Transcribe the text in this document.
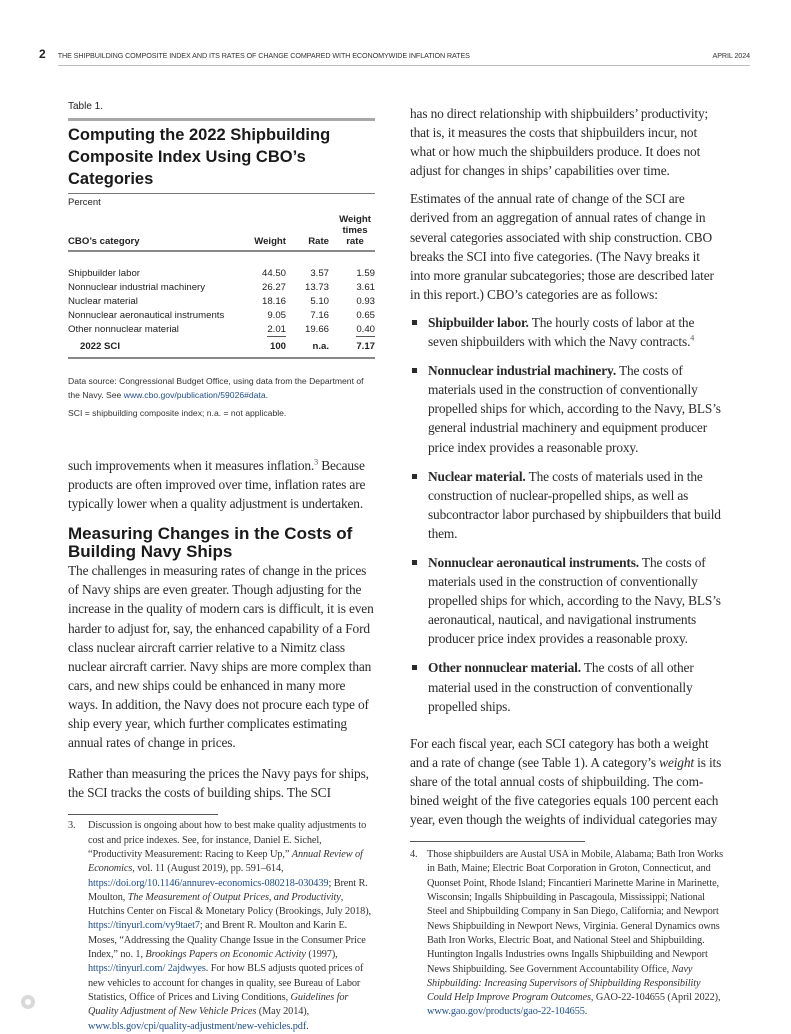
2 THE SHIPBUILDING COMPOSITE INDEX AND ITS RATES OF CHANGE COMPARED WITH ECONOMYWIDE INFLATION RATES	APRIL 2024
Table 1.
Computing the 2022 Shipbuilding Composite Index Using CBO’s Categories
Percent
CBO’s category	Weight	Rate	Weight times rate

Shipbuilder labor	44.50	3.57	1.59
Nonnuclear industrial machinery	26.27	13.73	3.61
Nuclear material	18.16	5.10	0.93
Nonnuclear aeronautical instruments	9.05	7.16	0.65
Other nonnuclear material	2.01	19.66	0.40
2022 SCI	100	n.a.	7.17
Data source: Congressional Budget Office, using data from the Department of the Navy. See www.cbo.gov/publication/59026#data.
SCI = shipbuilding composite index; n.a. = not applicable.

such improvements when it measures inflation.$^3$ Because products are often improved over time, inflation rates are typically lower when a quality adjustment is undertaken.

Measuring Changes in the Costs of Building Navy Ships

The challenges in measuring rates of change in the prices of Navy ships are even greater. Though adjusting for the increase in the quality of modern cars is difficult, it is even harder to adjust for, say, the enhanced capability of a Ford class nuclear aircraft carrier relative to a Nimitz class nuclear aircraft carrier. Navy ships are more complex than cars, and new ships could be enhanced in many more ways. In addition, the Navy does not procure each type of ship every year, which further complicates estimating annual rates of change in prices.

Rather than measuring the prices the Navy pays for ships, the SCI tracks the costs of building ships. The SCI

3.	Discussion is ongoing about how to best make quality adjustments to cost and price indexes. See, for instance, Daniel E. Sichel, “Productivity Measurement: Racing to Keep Up,” Annual Review of Economics, vol. 11 (August 2019), pp. 591–614, https://doi.org/10.1146/annurev-economics-080218-030439; Brent R. Moulton, The Measurement of Output Prices, and Productivity, Hutchins Center on Fiscal & Monetary Policy (Brookings, July 2018), https://tinyurl.com/vy9taet7; and Brent R. Moulton and Karin E. Moses, “Addressing the Quality Change Issue in the Consumer Price Index,” no. 1, Brookings Papers on Economic Activity (1997), https://tinyurl.com/ 2ajdwyes. For how BLS adjusts quoted prices of new vehicles to account for changes in quality, see Bureau of Labor Statistics, Office of Prices and Living Conditions, Guidelines for Quality Adjustment of New Vehicle Prices (May 2014), www.bls.gov/cpi/quality-adjustment/new-vehicles.pdf.

has no direct relationship with shipbuilders’ productivity; that is, it measures the costs that shipbuilders incur, not what or how much the shipbuilders produce. It does not adjust for changes in ships’ capabilities over time.

Estimates of the annual rate of change of the SCI are derived from an aggregation of annual rates of change in several categories associated with ship construction. CBO breaks the SCI into five categories. (The Navy breaks it into more granular subcategories; those are described later in this report.) CBO’s categories are as follows:

Shipbuilder labor. The hourly costs of labor at the seven shipbuilders with which the Navy contracts.$^4$
Nonnuclear industrial machinery. The costs of materials used in the construction of conventionally propelled ships for which, according to the Navy, BLS’s general industrial machinery and equipment producer price index provides a reasonable proxy.
Nuclear material. The costs of materials used in the construction of nuclear-propelled ships, as well as subcontractor labor purchased by shipbuilders that build them.
Nonnuclear aeronautical instruments. The costs of materials used in the construction of conventionally propelled ships for which, according to the Navy, BLS’s aeronautical, nautical, and navigational instruments producer price index provides a reasonable proxy.
Other nonnuclear material. The costs of all other material used in the construction of conventionally propelled ships.

For each fiscal year, each SCI category has both a weight and a rate of change (see Table 1). A category’s weight is its share of the total annual costs of shipbuilding. The combined weight of the five categories equals 100 percent each year, even though the weights of individual categories may

4. Those shipbuilders are Austal USA in Mobile, Alabama; Bath Iron Works in Bath, Maine; Electric Boat Corporation in Groton, Connecticut, and Quonset Point, Rhode Island; Fincantieri Marinette Marine in Marinette, Wisconsin; Ingalls Shipbuilding in Pascagoula, Mississippi; National Steel and Shipbuilding Company in San Diego, California; and Newport News Shipbuilding in Newport News, Virginia. General Dynamics owns Bath Iron Works, Electric Boat, and National Steel and Shipbuilding. Huntington Ingalls Industries owns Ingalls Shipbuilding and Newport News Shipbuilding. See Government Accountability Office, Navy Shipbuilding: Increasing Supervisors of Shipbuilding Responsibility Could Help Improve Program Outcomes, GAO-22-104655 (April 2022), www.gao.gov/products/gao-22-104655.
